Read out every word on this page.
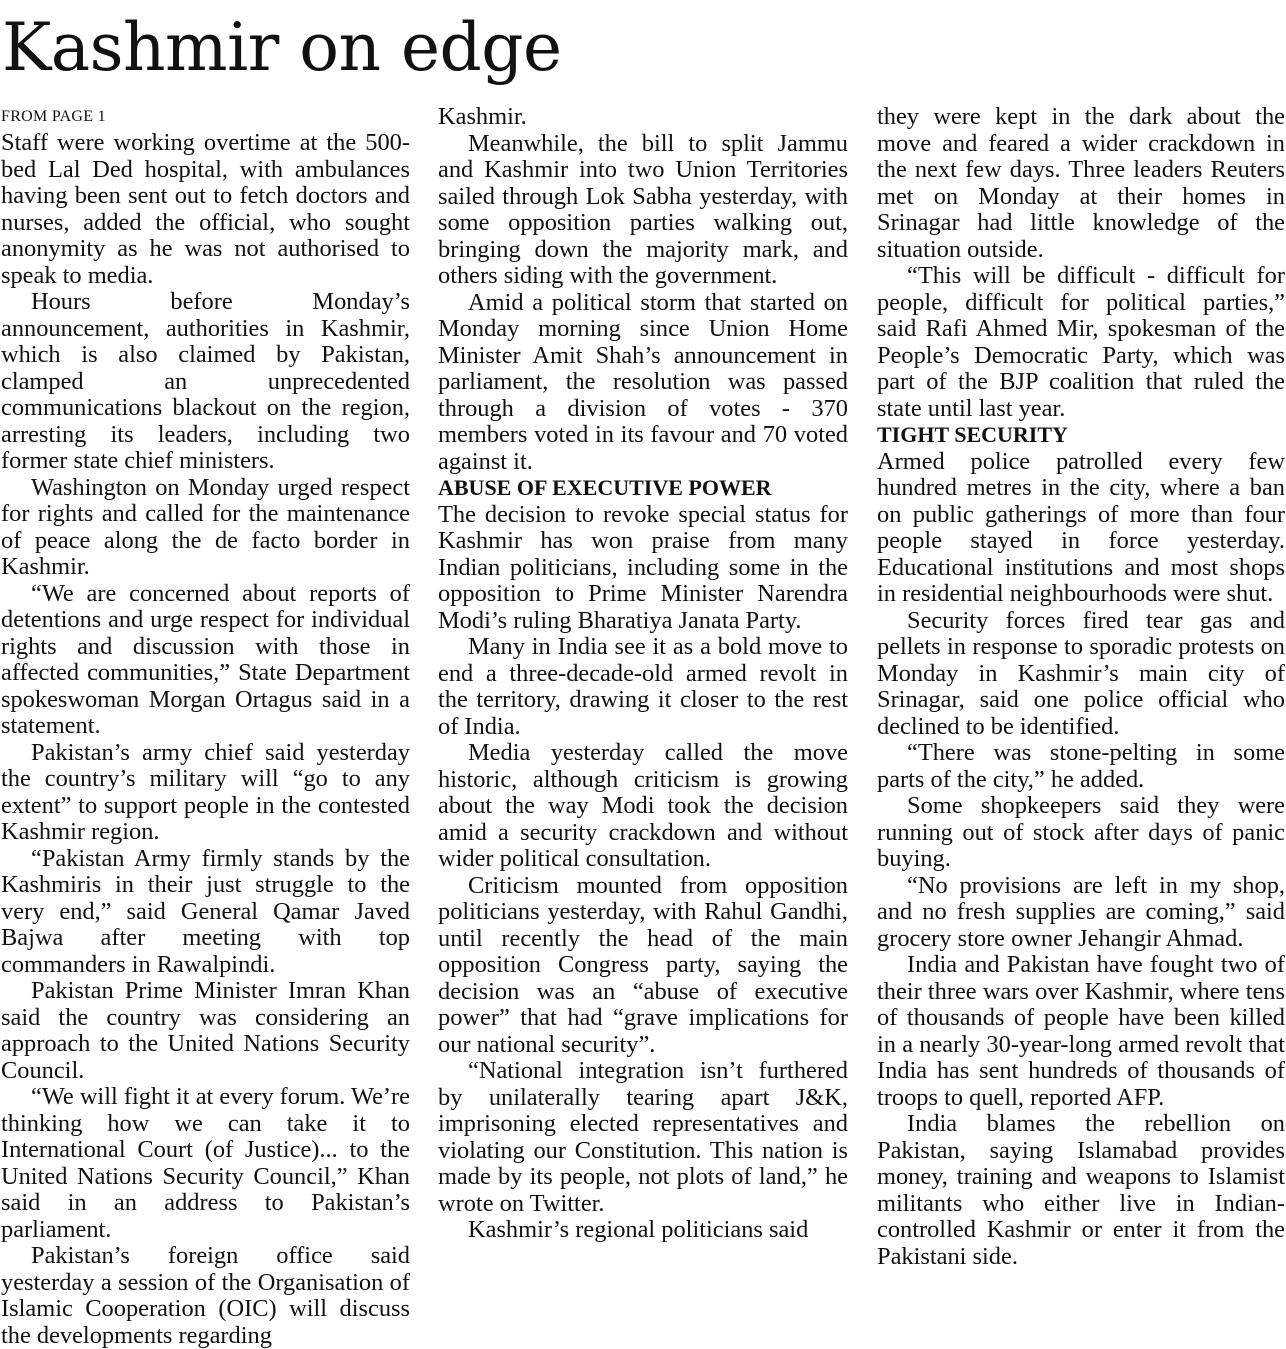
Kashmir on edge
FROM PAGE 1

Staff were working overtime at the 500-bed Lal Ded hospital, with ambulances having been sent out to fetch doctors and nurses, added the official, who sought anonymity as he was not authorised to speak to media.

Hours before Monday’s announcement, authorities in Kashmir, which is also claimed by Pakistan, clamped an unprecedented communications blackout on the region, arresting its leaders, including two former state chief ministers.

Washington on Monday urged respect for rights and called for the maintenance of peace along the de facto border in Kashmir.

“We are concerned about reports of detentions and urge respect for individual rights and discussion with those in affected communities,” State Department spokeswoman Morgan Ortagus said in a statement.

Pakistan’s army chief said yesterday the country’s military will “go to any extent” to support people in the contested Kashmir region.

“Pakistan Army firmly stands by the Kashmiris in their just struggle to the very end,” said General Qamar Javed Bajwa after meeting with top commanders in Rawalpindi.

Pakistan Prime Minister Imran Khan said the country was considering an approach to the United Nations Security Council.

“We will fight it at every forum. We’re thinking how we can take it to International Court (of Justice)... to the United Nations Security Council,” Khan said in an address to Pakistan’s parliament.

Pakistan’s foreign office said yesterday a session of the Organisation of Islamic Cooperation (OIC) will discuss the developments regarding

Kashmir.

Meanwhile, the bill to split Jammu and Kashmir into two Union Territories sailed through Lok Sabha yesterday, with some opposition parties walking out, bringing down the majority mark, and others siding with the government.

Amid a political storm that started on Monday morning since Union Home Minister Amit Shah’s announcement in parliament, the resolution was passed through a division of votes - 370 members voted in its favour and 70 voted against it.

ABUSE OF EXECUTIVE POWER

The decision to revoke special status for Kashmir has won praise from many Indian politicians, including some in the opposition to Prime Minister Narendra Modi’s ruling Bharatiya Janata Party.

Many in India see it as a bold move to end a three-decade-old armed revolt in the territory, drawing it closer to the rest of India.

Media yesterday called the move historic, although criticism is growing about the way Modi took the decision amid a security crackdown and without wider political consultation.

Criticism mounted from opposition politicians yesterday, with Rahul Gandhi, until recently the head of the main opposition Congress party, saying the decision was an “abuse of executive power” that had “grave implications for our national security”.

“National integration isn’t furthered by unilaterally tearing apart J&K, imprisoning elected representatives and violating our Constitution. This nation is made by its people, not plots of land,” he wrote on Twitter.

Kashmir’s regional politicians said

they were kept in the dark about the move and feared a wider crackdown in the next few days. Three leaders Reuters met on Monday at their homes in Srinagar had little knowledge of the situation outside.

“This will be difficult - difficult for people, difficult for political parties,” said Rafi Ahmed Mir, spokesman of the People’s Democratic Party, which was part of the BJP coalition that ruled the state until last year.

TIGHT SECURITY

Armed police patrolled every few hundred metres in the city, where a ban on public gatherings of more than four people stayed in force yesterday. Educational institutions and most shops in residential neighbourhoods were shut.

Security forces fired tear gas and pellets in response to sporadic protests on Monday in Kashmir’s main city of Srinagar, said one police official who declined to be identified.

“There was stone-pelting in some parts of the city,” he added.

Some shopkeepers said they were running out of stock after days of panic buying.

“No provisions are left in my shop, and no fresh supplies are coming,” said grocery store owner Jehangir Ahmad.

India and Pakistan have fought two of their three wars over Kashmir, where tens of thousands of people have been killed in a nearly 30-year-long armed revolt that India has sent hundreds of thousands of troops to quell, reported AFP.

India blames the rebellion on Pakistan, saying Islamabad provides money, training and weapons to Islamist militants who either live in Indian-controlled Kashmir or enter it from the Pakistani side.
